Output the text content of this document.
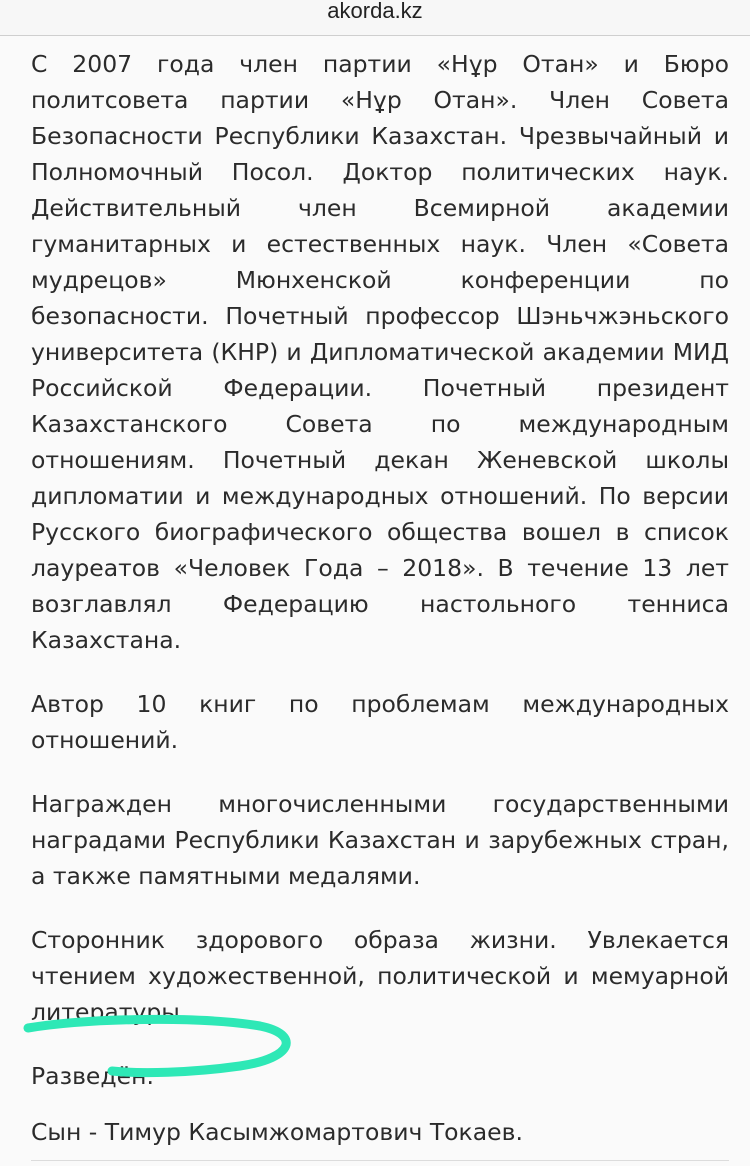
akorda.kz

С 2007 года член партии «Нұр Отан» и Бюро политсовета партии «Нұр Отан». Член Совета Безопасности Республики Казахстан. Чрезвычайный и Полномочный Посол. Доктор политических наук. Действительный член Всемирной академии гуманитарных и естественных наук. Член «Совета мудрецов» Мюнхенской конференции по безопасности. Почетный профессор Шэньчжэньского университета (КНР) и Дипломатической академии МИД Российской Федерации. Почетный президент Казахстанского Совета по международным отношениям. Почетный декан Женевской школы дипломатии и международных отношений. По версии Русского биографического общества вошел в список лауреатов «Человек Года – 2018». В течение 13 лет возглавлял Федерацию настольного тенниса Казахстана.

Автор 10 книг по проблемам международных отношений.

Награжден многочисленными государственными наградами Республики Казахстан и зарубежных стран, а также памятными медалями.

Сторонник здорового образа жизни. Увлекается чтением художественной, политической и мемуарной литературы.

Разведён.

Сын - Тимур Касымжомартович Токаев.
